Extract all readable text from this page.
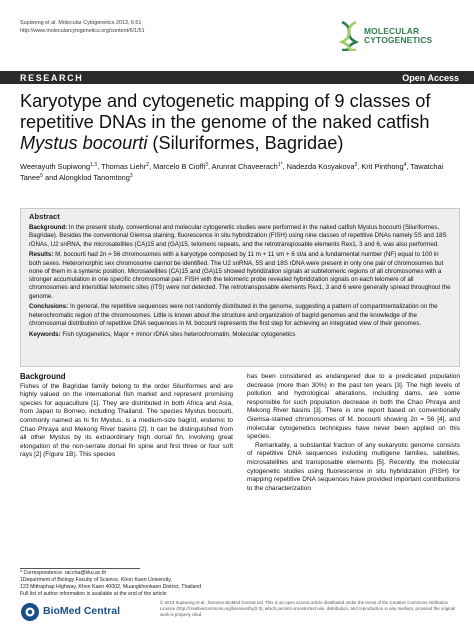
Supiwong et al. Molecular Cytogenetics 2013, 6:51
http://www.molecularcytogenetics.org/content/6/1/51	MOLECULAR
CYTOGENETICS
RESEARCH	Open Access
Karyotype and cytogenetic mapping of 9 classes of repetitive DNAs in the genome of the naked catfish Mystus bocourti (Siluriformes, Bagridae)
Weerayuth Supiwong$^{1,3}$, Thomas Liehr$^2$, Marcelo B Cioffi$^3$, Arunrat Chaveerach$^{1*}$, Nadezda Kosyakova$^2$, Krit Pinthong$^4$, Tawatchai Tanee$^5$ and Alongklod Tanomtong$^3$
Abstract

Background: In the present study, conventional and molecular cytogenetic studies were performed in the naked catfish Mystus bocourti (Siluriformes, Bagridae). Besides the conventional Giemsa staining, fluorescence in situ hybridization (FISH) using nine classes of repetitive DNAs namely 5S and 18S rDNAs, U2 snRNA, the microsatellites (CA)15 and (GA)15, telomeric repeats, and the retrotransposable elements Rex1, 3 and 6, was also performed.

Results: M. bocourti had 2n = 56 chromosomes with a karyotype composed by 11 m + 11 sm + 6 st/a and a fundamental number (NF) equal to 100 in both sexes. Heteromorphic sex chromosome cannot be identified. The U2 snRNA, 5S and 18S rDNA were present in only one pair of chromosomes but none of them in a syntenic position. Microsatellites (CA)15 and (GA)15 showed hybridization signals at subtelomeric regions of all chromosomes with a stronger accumulation in one specific chromosomal pair. FISH with the telomeric probe revealed hybridization signals on each telomere of all chromosomes and interstitial telomeric sites (ITS) were not detected. The retrotransposable elements Rex1, 3 and 6 were generally spread throughout the genome.

Conclusions: In general, the repetitive sequences were not randomly distributed in the genome, suggesting a pattern of compartmentalization on the heterochromatic region of the chromosomes. Little is known about the structure and organization of bagrid genomes and the knowledge of the chromosomal distribution of repetitive DNA sequences in M. bocourti represents the first step for achieving an integrated view of their genomes.

Keywords: Fish cytogenetics, Major + minor rDNA sites heterochromatin, Molecular cytogenetics

Background

Fishes of the Bagridae family belong to the order Siluriformes and are highly valued on the international fish market and represent promising species for aquaculture [1]. They are distributed in both Africa and Asia, from Japan to Borneo, including Thailand. The species Mystus bocourti, commonly named as hi fin Mystus, is a medium-size bagrid, endemic to Chao Phraya and Mekong River basins [2]. It can be distinguished from all other Mystus by its extraordinary high dorsal fin, involving great elongation of the non-serrate dorsal fin spine and first three or four soft rays [2] (Figure 1B). This species

has been considered as endangered due to a predicated population decrease (more than 30%) in the past ten years [3]. The high levels of pollution and hydrological alterations, including dams, are some responsible for such population decrease in both the Chao Phraya and Mekong River basins [3]. There is one report based on conventionally Giemsa-stained chromosomes of M. bocourti showing 2n = 56 [4], and molecular cytogenetics techniques have never been applied on this species.

Remarkably, a substantial fraction of any eukaryotic genome consists of repetitive DNA sequences including multigene families, satellites, microsatellites and transposable elements [5]. Recently, the molecular cytogenetic studies using fluorescence in situ hybridization (FISH) for mapping repetitive DNA sequences have provided important contributions to the characterization

* Correspondence: raccha@kku.ac.th
1Department of Biology Faculty of Science, Khon Kaen University,
123 Mittraphap Highway, Khon Kaen 40002, Muangkhonkaen District, Thailand
Full list of author information is available at the end of the article
BioMed Central
© 2013 Supiwong et al.; licensee BioMed Central Ltd. This is an open access article distributed under the terms of the Creative Commons Attribution License (http://creativecommons.org/licenses/by/2.0), which permits unrestricted use, distribution, and reproduction in any medium, provided the original work is properly cited.
